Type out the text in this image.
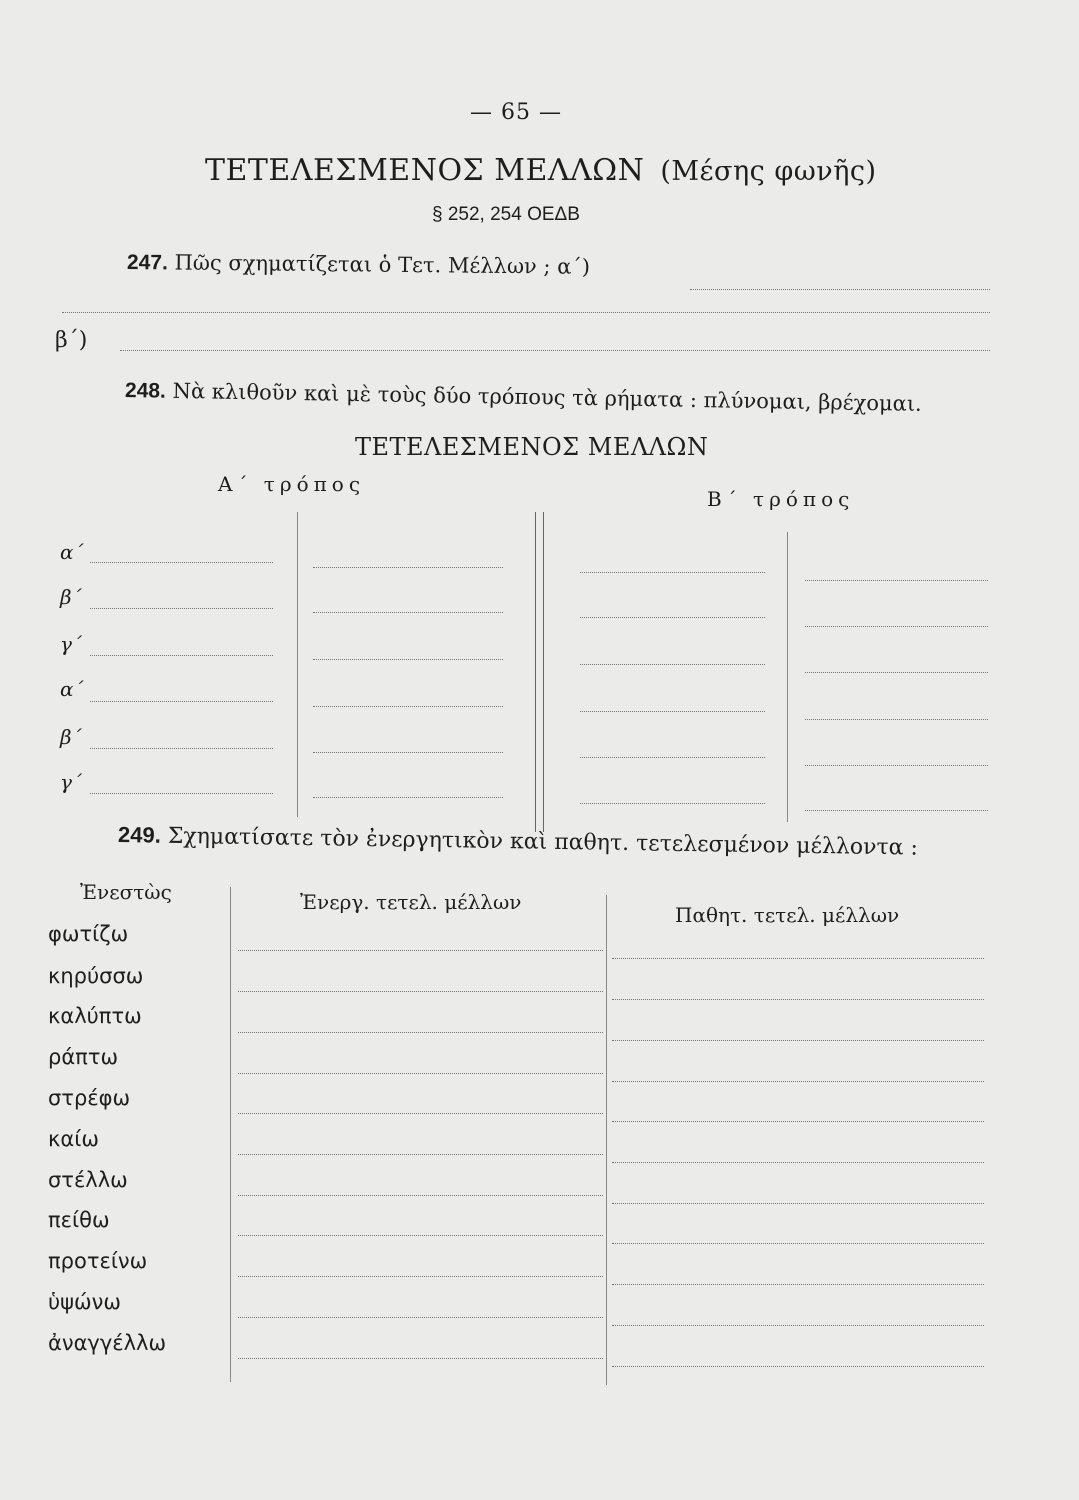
— 65 —
ΤΕΤΕΛΕΣΜΕΝΟΣ ΜΕΛΛΩΝ (Μέσης φωνῆς)
§ 252, 254 ΟΕΔΒ
247. Πῶς σχηματίζεται ὁ Τετ. Μέλλων ; α΄)
β΄)
248. Νὰ κλιθοῦν καὶ μὲ τοὺς δύο τρόπους τὰ ρήματα : πλύνομαι, βρέχομαι.
ΤΕΤΕΛΕΣΜΕΝΟΣ ΜΕΛΛΩΝ
Α΄ τρόπος
Β΄ τρόπος
α΄
β΄
γ΄
α΄
β΄
γ΄
249. Σχηματίσατε τὸν ἐνεργητικὸν καὶ παθητ. τετελεσμένον μέλλοντα :
Ἐνεστὼς	Ἐνεργ. τετελ. μέλλων
Παθητ. τετελ. μέλλων
φωτίζω
κηρύσσω
καλύπτω
ράπτω
στρέφω
καίω
στέλλω
πείθω
προτείνω
ὑψώνω
ἀναγγέλλω
